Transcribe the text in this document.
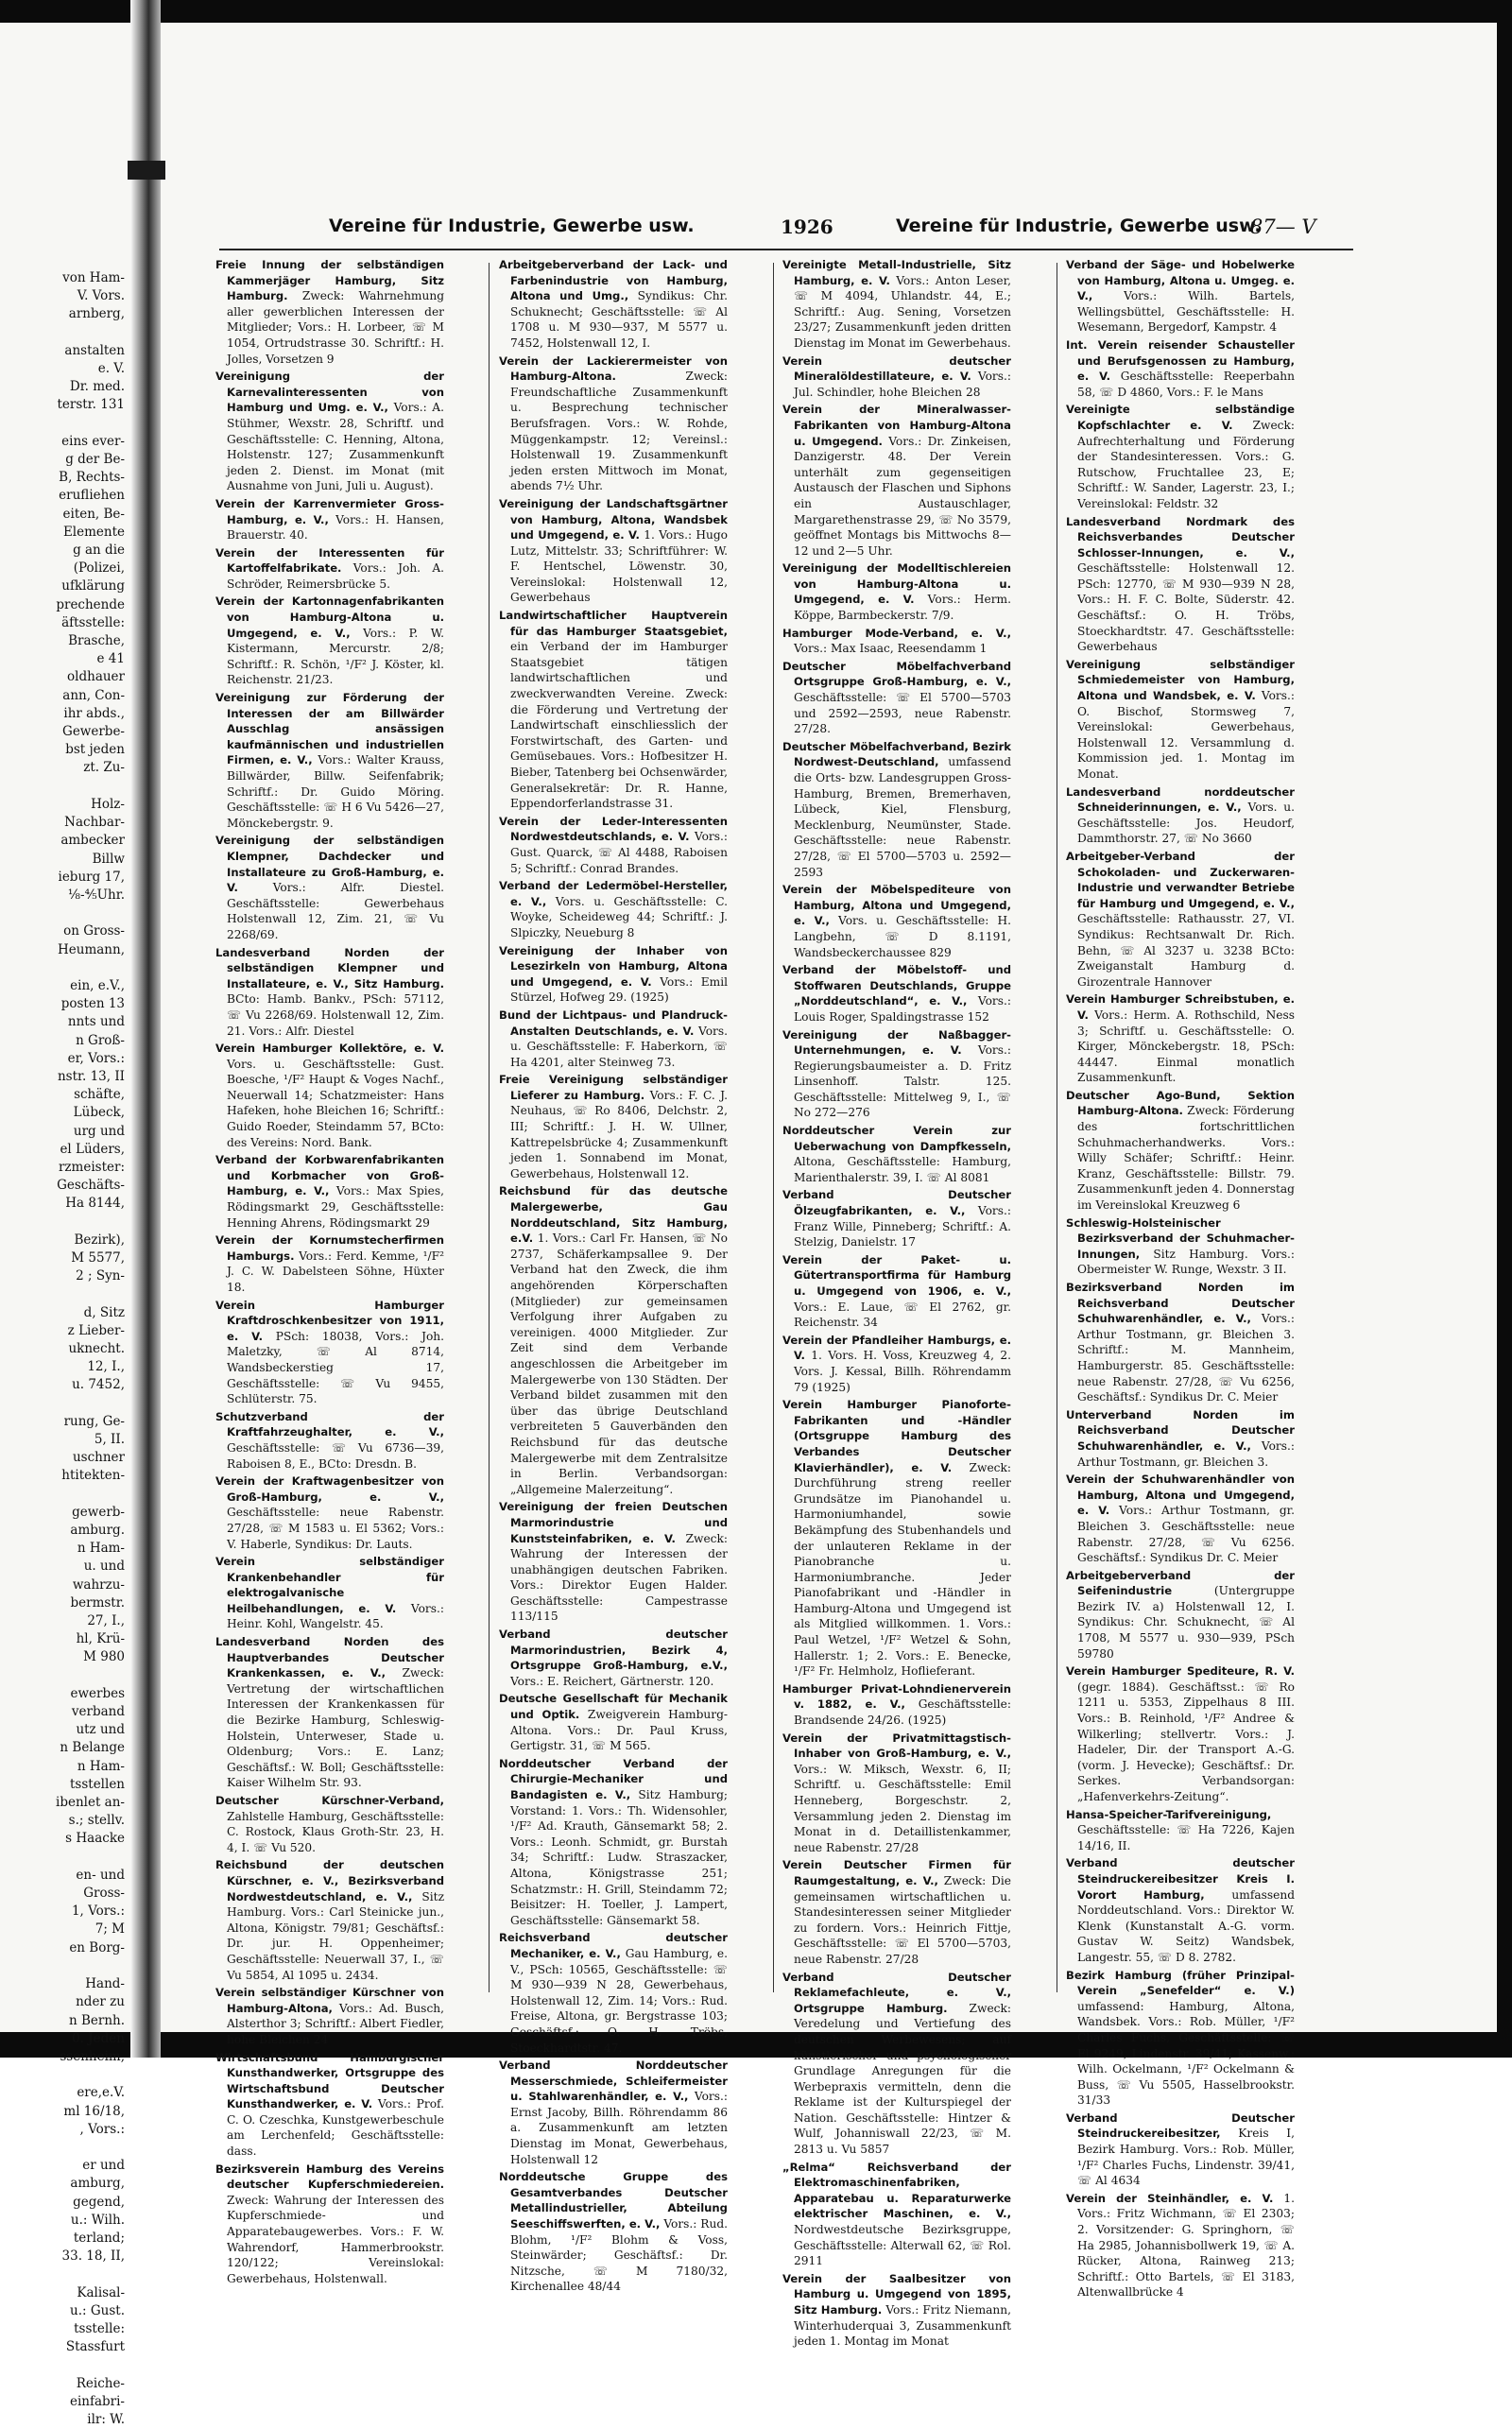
von Ham-
V. Vors.
arnberg,

anstalten
e. V.
Dr. med.
terstr. 131

eins ever-
g der Be-
B, Rechts-
erufliehen
eiten, Be-
Elemente
g an die
(Polizei,
ufklärung
prechende
äftsstelle:
Brasche,
e 41
oldhauer
ann, Con-
ihr abds.,
Gewerbe-
bst jeden
zt. Zu-

Holz-
Nachbar-
ambecker
Billw
ieburg 17,
⅛-⅘Uhr.

on Gross-
Heumann,

ein, e.V.,
posten 13
nnts und
n Groß-
er, Vors.:
nstr. 13, II
schäfte,
Lübeck,
urg und
el Lüders,
rzmeister:
Geschäfts-
Ha 8144,

Bezirk),
M 5577,
2 ; Syn-

d, Sitz
z Lieber-
uknecht.
12, I.,
u. 7452,

rung, Ge-
5, II.
uschner
htitekten-

gewerb-
amburg.
n Ham-
u. und
wahrzu-
bermstr.
27, I.,
hl, Krü-
M 980

ewerbes
verband
utz und
n Belange
n Ham-
tsstellen
ibenlet an-
s.; stellv.
s Haacke

en- und
Gross-
1, Vors.:
7; M
en Borg-

Hand-
nder zu
n Bernh.
0. Jeden
ssenheim,

ere,e.V.
ml 16/18,
, Vors.:

er und
amburg,
gegend,
u.: Wilh.
terland;
33. 18, II,

Kalisal-
u.: Gust.
tsstelle:
Stassfurt

Reiche-
einfabri-
ilr: W.
Vereine für Industrie, Gewerbe usw.	1926	Vereine für Industrie, Gewerbe usw.
87— V
Freie Innung der selbständigen Kammerjäger Hamburg, Sitz Hamburg. Zweck: Wahrnehmung aller gewerblichen Interessen der Mitglieder; Vors.: H. Lorbeer, ☏ M 1054, Ortrudstrasse 30. Schriftf.: H. Jolles, Vorsetzen 9
Vereinigung der Karnevalinteressenten von Hamburg und Umg. e. V., Vors.: A. Stühmer, Wexstr. 28, Schriftf. und Geschäftsstelle: C. Henning, Altona, Holstenstr. 127; Zusammenkunft jeden 2. Dienst. im Monat (mit Ausnahme von Juni, Juli u. August).
Verein der Karrenvermieter Gross-Hamburg, e. V., Vors.: H. Hansen, Brauerstr. 40.
Verein der Interessenten für Kartoffelfabrikate. Vors.: Joh. A. Schröder, Reimersbrücke 5.
Verein der Kartonnagenfabrikanten von Hamburg-Altona u. Umgegend, e. V., Vors.: P. W. Kistermann, Mercurstr. 2/8; Schriftf.: R. Schön, ¹/F² J. Köster, kl. Reichenstr. 21/23.
Vereinigung zur Förderung der Interessen der am Billwärder Ausschlag ansässigen kaufmännischen und industriellen Firmen, e. V., Vors.: Walter Krauss, Billwärder, Billw. Seifenfabrik; Schriftf.: Dr. Guido Möring. Geschäftsstelle: ☏ H 6 Vu 5426—27, Mönckebergstr. 9.
Vereinigung der selbständigen Klempner, Dachdecker und Installateure zu Groß-Hamburg, e. V. Vors.: Alfr. Diestel. Geschäftsstelle: Gewerbehaus Holstenwall 12, Zim. 21, ☏ Vu 2268/69.
Landesverband Norden der selbständigen Klempner und Installateure, e. V., Sitz Hamburg. BCto: Hamb. Bankv., PSch: 57112, ☏ Vu 2268/69. Holstenwall 12, Zim. 21. Vors.: Alfr. Diestel
Verein Hamburger Kollektöre, e. V. Vors. u. Geschäftsstelle: Gust. Boesche, ¹/F² Haupt & Voges Nachf., Neuerwall 14; Schatzmeister: Hans Hafeken, hohe Bleichen 16; Schriftf.: Guido Roeder, Steindamm 57, BCto: des Vereins: Nord. Bank.
Verband der Korbwarenfabrikanten und Korbmacher von Groß-Hamburg, e. V., Vors.: Max Spies, Rödingsmarkt 29, Geschäftsstelle: Henning Ahrens, Rödingsmarkt 29
Verein der Kornumstecherfirmen Hamburgs. Vors.: Ferd. Kemme, ¹/F² J. C. W. Dabelsteen Söhne, Hüxter 18.
Verein Hamburger Kraftdroschkenbesitzer von 1911, e. V. PSch: 18038, Vors.: Joh. Maletzky, ☏ Al 8714, Wandsbeckerstieg 17, Geschäftsstelle: ☏ Vu 9455, Schlüterstr. 75.
Schutzverband der Kraftfahrzeughalter, e. V., Geschäftsstelle: ☏ Vu 6736—39, Raboisen 8, E., BCto: Dresdn. B.
Verein der Kraftwagenbesitzer von Groß-Hamburg, e. V., Geschäftsstelle: neue Rabenstr. 27/28, ☏ M 1583 u. El 5362; Vors.: V. Haberle, Syndikus: Dr. Lauts.
Verein selbständiger Krankenbehandler für elektrogalvanische Heilbehandlungen, e. V. Vors.: Heinr. Kohl, Wangelstr. 45.
Landesverband Norden des Hauptverbandes Deutscher Krankenkassen, e. V., Zweck: Vertretung der wirtschaftlichen Interessen der Krankenkassen für die Bezirke Hamburg, Schleswig-Holstein, Unterweser, Stade u. Oldenburg; Vors.: E. Lanz; Geschäftsf.: W. Boll; Geschäftsstelle: Kaiser Wilhelm Str. 93.
Deutscher Kürschner-Verband, Zahlstelle Hamburg, Geschäftsstelle: C. Rostock, Klaus Groth-Str. 23, H. 4, I. ☏ Vu 520.
Reichsbund der deutschen Kürschner, e. V., Bezirksverband Nordwestdeutschland, e. V., Sitz Hamburg. Vors.: Carl Steinicke jun., Altona, Königstr. 79/81; Geschäftsf.: Dr. jur. H. Oppenheimer; Geschäftsstelle: Neuerwall 37, I., ☏ Vu 5854, Al 1095 u. 2434.
Verein selbständiger Kürschner von Hamburg-Altona, Vors.: Ad. Busch, Alsterthor 3; Schriftf.: Albert Fiedler, hohe Bleichen 24
Wirtschaftsbund Hamburgischer Kunsthandwerker, Ortsgruppe des Wirtschaftsbund Deutscher Kunsthandwerker, e. V. Vors.: Prof. C. O. Czeschka, Kunstgewerbeschule am Lerchenfeld; Geschäftsstelle: dass.
Bezirksverein Hamburg des Vereins deutscher Kupferschmiedereien. Zweck: Wahrung der Interessen des Kupferschmiede- und Apparatebaugewerbes. Vors.: F. W. Wahrendorf, Hammerbrookstr. 120/122; Vereinslokal: Gewerbehaus, Holstenwall.
Arbeitgeberverband der Lack- und Farbenindustrie von Hamburg, Altona und Umg., Syndikus: Chr. Schuknecht; Geschäftsstelle: ☏ Al 1708 u. M 930—937, M 5577 u. 7452, Holstenwall 12, I.
Verein der Lackierermeister von Hamburg-Altona. Zweck: Freundschaftliche Zusammenkunft u. Besprechung technischer Berufsfragen. Vors.: W. Rohde, Müggenkampstr. 12; Vereinsl.: Holstenwall 19. Zusammenkunft jeden ersten Mittwoch im Monat, abends 7½ Uhr.
Vereinigung der Landschaftsgärtner von Hamburg, Altona, Wandsbek und Umgegend, e. V. 1. Vors.: Hugo Lutz, Mittelstr. 33; Schriftführer: W. F. Hentschel, Löwenstr. 30, Vereinslokal: Holstenwall 12, Gewerbehaus
Landwirtschaftlicher Hauptverein für das Hamburger Staatsgebiet, ein Verband der im Hamburger Staatsgebiet tätigen landwirtschaftlichen und zweckverwandten Vereine. Zweck: die Förderung und Vertretung der Landwirtschaft einschliesslich der Forstwirtschaft, des Garten- und Gemüsebaues. Vors.: Hofbesitzer H. Bieber, Tatenberg bei Ochsenwärder, Generalsekretär: Dr. R. Hanne, Eppendorferlandstrasse 31.
Verein der Leder-Interessenten Nordwestdeutschlands, e. V. Vors.: Gust. Quarck, ☏ Al 4488, Raboisen 5; Schriftf.: Conrad Brandes.
Verband der Ledermöbel-Hersteller, e. V., Vors. u. Geschäftsstelle: C. Woyke, Scheideweg 44; Schriftf.: J. Slpiczky, Neueburg 8
Vereinigung der Inhaber von Lesezirkeln von Hamburg, Altona und Umgegend, e. V. Vors.: Emil Stürzel, Hofweg 29. (1925)
Bund der Lichtpaus- und Plandruck-Anstalten Deutschlands, e. V. Vors. u. Geschäftsstelle: F. Haberkorn, ☏ Ha 4201, alter Steinweg 73.
Freie Vereinigung selbständiger Lieferer zu Hamburg. Vors.: F. C. J. Neuhaus, ☏ Ro 8406, Delchstr. 2, III; Schriftf.: J. H. W. Ullner, Kattrepelsbrücke 4; Zusammenkunft jeden 1. Sonnabend im Monat, Gewerbehaus, Holstenwall 12.
Reichsbund für das deutsche Malergewerbe, Gau Norddeutschland, Sitz Hamburg, e.V. 1. Vors.: Carl Fr. Hansen, ☏ No 2737, Schäferkampsallee 9. Der Verband hat den Zweck, die ihm angehörenden Körperschaften (Mitglieder) zur gemeinsamen Verfolgung ihrer Aufgaben zu vereinigen. 4000 Mitglieder. Zur Zeit sind dem Verbande angeschlossen die Arbeitgeber im Malergewerbe von 130 Städten. Der Verband bildet zusammen mit den über das übrige Deutschland verbreiteten 5 Gauverbänden den Reichsbund für das deutsche Malergewerbe mit dem Zentralsitze in Berlin. Verbandsorgan: „Allgemeine Malerzeitung“.
Vereinigung der freien Deutschen Marmorindustrie und Kunststeinfabriken, e. V. Zweck: Wahrung der Interessen der unabhängigen deutschen Fabriken. Vors.: Direktor Eugen Halder. Geschäftsstelle: Campestrasse 113/115
Verband deutscher Marmorindustrien, Bezirk 4, Ortsgruppe Groß-Hamburg, e.V., Vors.: E. Reichert, Gärtnerstr. 120.
Deutsche Gesellschaft für Mechanik und Optik. Zweigverein Hamburg-Altona. Vors.: Dr. Paul Kruss, Gertigstr. 31, ☏ M 565.
Norddeutscher Verband der Chirurgie-Mechaniker und Bandagisten e. V., Sitz Hamburg; Vorstand: 1. Vors.: Th. Widensohler, ¹/F² Ad. Krauth, Gänsemarkt 58; 2. Vors.: Leonh. Schmidt, gr. Burstah 34; Schriftf.: Ludw. Straszacker, Altona, Königstrasse 251; Schatzmstr.: H. Grill, Steindamm 72; Beisitzer: H. Toeller, J. Lampert, Geschäftsstelle: Gänsemarkt 58.
Reichsverband deutscher Mechaniker, e. V., Gau Hamburg, e. V., PSch: 10565, Geschäftsstelle: ☏ M 930—939 N 28, Gewerbehaus, Holstenwall 12, Zim. 14; Vors.: Rud. Freise, Altona, gr. Bergstrasse 103; Geschäftsf.: O. H. Tröbs, Stoeckhardtstr. 47.
Verband Norddeutscher Messerschmiede, Schleifermeister u. Stahlwarenhändler, e. V., Vors.: Ernst Jacoby, Billh. Röhrendamm 86 a. Zusammenkunft am letzten Dienstag im Monat, Gewerbehaus, Holstenwall 12
Norddeutsche Gruppe des Gesamtverbandes Deutscher Metallindustrieller, Abteilung Seeschiffswerften, e. V., Vors.: Rud. Blohm, ¹/F² Blohm & Voss, Steinwärder; Geschäftsf.: Dr. Nitzsche, ☏ M 7180/32, Kirchenallee 48/44
Vereinigte Metall-Industrielle, Sitz Hamburg, e. V. Vors.: Anton Leser, ☏ M 4094, Uhlandstr. 44, E.; Schriftf.: Aug. Sening, Vorsetzen 23/27; Zusammenkunft jeden dritten Dienstag im Monat im Gewerbehaus.
Verein deutscher Mineralöldestillateure, e. V. Vors.: Jul. Schindler, hohe Bleichen 28
Verein der Mineralwasser-Fabrikanten von Hamburg-Altona u. Umgegend. Vors.: Dr. Zinkeisen, Danzigerstr. 48. Der Verein unterhält zum gegenseitigen Austausch der Flaschen und Siphons ein Austauschlager, Margarethenstrasse 29, ☏ No 3579, geöffnet Montags bis Mittwochs 8—12 und 2—5 Uhr.
Vereinigung der Modelltischlereien von Hamburg-Altona u. Umgegend, e. V. Vors.: Herm. Köppe, Barmbeckerstr. 7/9.
Hamburger Mode-Verband, e. V., Vors.: Max Isaac, Reesendamm 1
Deutscher Möbelfachverband Ortsgruppe Groß-Hamburg, e. V., Geschäftsstelle: ☏ El 5700—5703 und 2592—2593, neue Rabenstr. 27/28.
Deutscher Möbelfachverband, Bezirk Nordwest-Deutschland, umfassend die Orts- bzw. Landesgruppen Gross-Hamburg, Bremen, Bremerhaven, Lübeck, Kiel, Flensburg, Mecklenburg, Neumünster, Stade. Geschäftsstelle: neue Rabenstr. 27/28, ☏ El 5700—5703 u. 2592—2593
Verein der Möbelspediteure von Hamburg, Altona und Umgegend, e. V., Vors. u. Geschäftsstelle: H. Langbehn, ☏ D 8.1191, Wandsbeckerchaussee 829
Verband der Möbelstoff- und Stoffwaren Deutschlands, Gruppe „Norddeutschland“, e. V., Vors.: Louis Roger, Spaldingstrasse 152
Vereinigung der Naßbagger-Unternehmungen, e. V. Vors.: Regierungsbaumeister a. D. Fritz Linsenhoff. Talstr. 125. Geschäftsstelle: Mittelweg 9, I., ☏ No 272—276
Norddeutscher Verein zur Ueberwachung von Dampfkesseln, Altona, Geschäftsstelle: Hamburg, Marienthalerstr. 39, I. ☏ Al 8081
Verband Deutscher Ölzeugfabrikanten, e. V., Vors.: Franz Wille, Pinneberg; Schriftf.: A. Stelzig, Danielstr. 17
Verein der Paket- u. Gütertransportfirma für Hamburg u. Umgegend von 1906, e. V., Vors.: E. Laue, ☏ El 2762, gr. Reichenstr. 34
Verein der Pfandleiher Hamburgs, e. V. 1. Vors. H. Voss, Kreuzweg 4, 2. Vors. J. Kessal, Billh. Röhrendamm 79 (1925)
Verein Hamburger Pianoforte-Fabrikanten und -Händler (Ortsgruppe Hamburg des Verbandes Deutscher Klavierhändler), e. V. Zweck: Durchführung streng reeller Grundsätze im Pianohandel u. Harmoniumhandel, sowie Bekämpfung des Stubenhandels und der unlauteren Reklame in der Pianobranche u. Harmoniumbranche. Jeder Pianofabrikant und -Händler in Hamburg-Altona und Umgegend ist als Mitglied willkommen. 1. Vors.: Paul Wetzel, ¹/F² Wetzel & Sohn, Hallerstr. 1; 2. Vors.: E. Benecke, ¹/F² Fr. Helmholz, Hoflieferant.
Hamburger Privat-Lohndienerverein v. 1882, e. V., Geschäftsstelle: Brandsende 24/26. (1925)
Verein der Privatmittagstisch-Inhaber von Groß-Hamburg, e. V., Vors.: W. Miksch, Wexstr. 6, II; Schriftf. u. Geschäftsstelle: Emil Henneberg, Borgeschstr. 2, Versammlung jeden 2. Dienstag im Monat in d. Detaillistenkammer, neue Rabenstr. 27/28
Verein Deutscher Firmen für Raumgestaltung, e. V., Zweck: Die gemeinsamen wirtschaftlichen u. Standesinteressen seiner Mitglieder zu fordern. Vors.: Heinrich Fittje, Geschäftsstelle: ☏ El 5700—5703, neue Rabenstr. 27/28
Verband Deutscher Reklamefachleute, e. V., Ortsgruppe Hamburg. Zweck: Veredelung und Vertiefung des deutschen Werbewesens; auf künstlerischer und psychologischer Grundlage Anregungen für die Werbepraxis vermitteln, denn die Reklame ist der Kulturspiegel der Nation. Geschäftsstelle: Hintzer & Wulf, Johanniswall 22/23, ☏ M. 2813 u. Vu 5857
„Relma“ Reichsverband der Elektromaschinenfabriken, Apparatebau u. Reparaturwerke elektrischer Maschinen, e. V., Nordwestdeutsche Bezirksgruppe, Geschäftsstelle: Alterwall 62, ☏ Rol. 2911
Verein der Saalbesitzer von Hamburg u. Umgegend von 1895, Sitz Hamburg. Vors.: Fritz Niemann, Winterhuderquai 3, Zusammenkunft jeden 1. Montag im Monat
Verband der Säge- und Hobelwerke von Hamburg, Altona u. Umgeg. e. V., Vors.: Wilh. Bartels, Wellingsbüttel, Geschäftsstelle: H. Wesemann, Bergedorf, Kampstr. 4
Int. Verein reisender Schausteller und Berufsgenossen zu Hamburg, e. V. Geschäftsstelle: Reeperbahn 58, ☏ D 4860, Vors.: F. le Mans
Vereinigte selbständige Kopfschlachter e. V. Zweck: Aufrechterhaltung und Förderung der Standesinteressen. Vors.: G. Rutschow, Fruchtallee 23, E; Schriftf.: W. Sander, Lagerstr. 23, I.; Vereinslokal: Feldstr. 32
Landesverband Nordmark des Reichsverbandes Deutscher Schlosser-Innungen, e. V., Geschäftsstelle: Holstenwall 12. PSch: 12770, ☏ M 930—939 N 28, Vors.: H. F. C. Bolte, Süderstr. 42. Geschäftsf.: O. H. Tröbs, Stoeckhardtstr. 47. Geschäftsstelle: Gewerbehaus
Vereinigung selbständiger Schmiedemeister von Hamburg, Altona und Wandsbek, e. V. Vors.: O. Bischof, Stormsweg 7, Vereinslokal: Gewerbehaus, Holstenwall 12. Versammlung d. Kommission jed. 1. Montag im Monat.
Landesverband norddeutscher Schneiderinnungen, e. V., Vors. u. Geschäftsstelle: Jos. Heudorf, Dammthorstr. 27, ☏ No 3660
Arbeitgeber-Verband der Schokoladen- und Zuckerwaren-Industrie und verwandter Betriebe für Hamburg und Umgegend, e. V., Geschäftsstelle: Rathausstr. 27, VI. Syndikus: Rechtsanwalt Dr. Rich. Behn, ☏ Al 3237 u. 3238 BCto: Zweiganstalt Hamburg d. Girozentrale Hannover
Verein Hamburger Schreibstuben, e. V. Vors.: Herm. A. Rothschild, Ness 3; Schriftf. u. Geschäftsstelle: O. Kirger, Mönckebergstr. 18, PSch: 44447. Einmal monatlich Zusammenkunft.
Deutscher Ago-Bund, Sektion Hamburg-Altona. Zweck: Förderung des fortschrittlichen Schuhmacherhandwerks. Vors.: Willy Schäfer; Schriftf.: Heinr. Kranz, Geschäftsstelle: Billstr. 79. Zusammenkunft jeden 4. Donnerstag im Vereinslokal Kreuzweg 6
Schleswig-Holsteinischer Bezirksverband der Schuhmacher-Innungen, Sitz Hamburg. Vors.: Obermeister W. Runge, Wexstr. 3 II.
Bezirksverband Norden im Reichsverband Deutscher Schuhwarenhändler, e. V., Vors.: Arthur Tostmann, gr. Bleichen 3. Schriftf.: M. Mannheim, Hamburgerstr. 85. Geschäftsstelle: neue Rabenstr. 27/28, ☏ Vu 6256, Geschäftsf.: Syndikus Dr. C. Meier
Unterverband Norden im Reichsverband Deutscher Schuhwarenhändler, e. V., Vors.: Arthur Tostmann, gr. Bleichen 3.
Verein der Schuhwarenhändler von Hamburg, Altona und Umgegend, e. V. Vors.: Arthur Tostmann, gr. Bleichen 3. Geschäftsstelle: neue Rabenstr. 27/28, ☏ Vu 6256. Geschäftsf.: Syndikus Dr. C. Meier
Arbeitgeberverband der Seifenindustrie (Untergruppe Bezirk IV. a) Holstenwall 12, I. Syndikus: Chr. Schuknecht, ☏ Al 1708, M 5577 u. 930—939, PSch 59780
Verein Hamburger Spediteure, R. V. (gegr. 1884). Geschäftsst.: ☏ Ro 1211 u. 5353, Zippelhaus 8 III. Vors.: B. Reinhold, ¹/F² Andree & Wilkerling; stellvertr. Vors.: J. Hadeler, Dir. der Transport A.-G. (vorm. J. Hevecke); Geschäftsf.: Dr. Serkes. Verbandsorgan: „Hafenverkehrs-Zeitung“.
Hansa-Speicher-Tarifvereinigung, Geschäftsstelle: ☏ Ha 7226, Kajen 14/16, II.
Verband deutscher Steindruckereibesitzer Kreis I. Vorort Hamburg, umfassend Norddeutschland. Vors.: Direktor W. Klenk (Kunstanstalt A.-G. vorm. Gustav W. Seitz) Wandsbek, Langestr. 55, ☏ D 8. 2782.
Bezirk Hamburg (früher Prinzipal-Verein „Senefelder“ e. V.) umfassend: Hamburg, Altona, Wandsbek. Vors.: Rob. Müller, ¹/F² Charles Fuchs, Geschäftsstelle: ☏ El 9249, Lindenstr. 39/41; Kassenw.: Wilh. Ockelmann, ¹/F² Ockelmann & Buss, ☏ Vu 5505, Hasselbrookstr. 31/33
Verband Deutscher Steindruckereibesitzer, Kreis I, Bezirk Hamburg. Vors.: Rob. Müller, ¹/F² Charles Fuchs, Lindenstr. 39/41, ☏ Al 4634
Verein der Steinhändler, e. V. 1. Vors.: Fritz Wichmann, ☏ El 2303; 2. Vorsitzender: G. Springhorn, ☏ Ha 2985, Johannisbollwerk 19, ☏ A. Rücker, Altona, Rainweg 213; Schriftf.: Otto Bartels, ☏ El 3183, Altenwallbrücke 4
